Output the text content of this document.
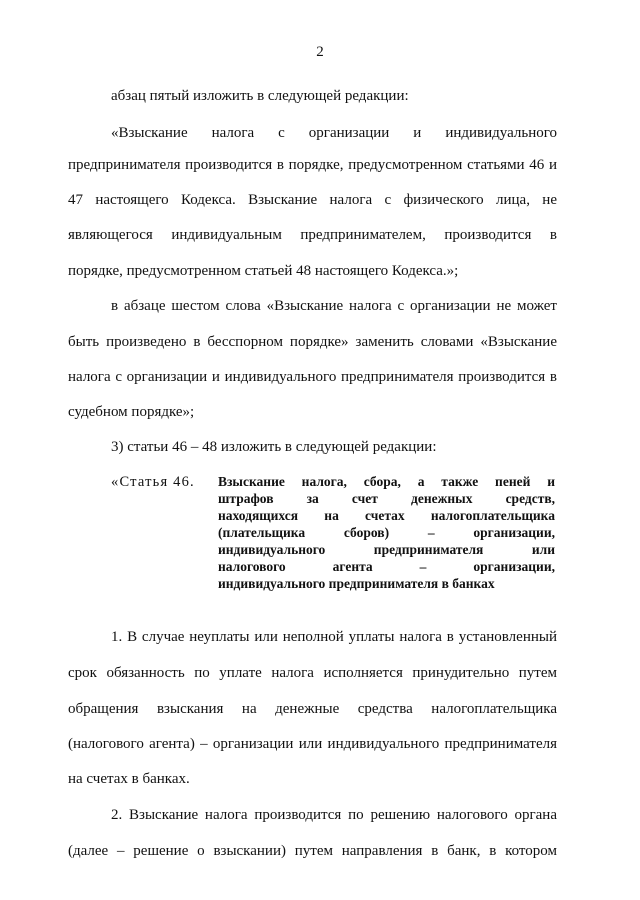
2
абзац пятый изложить в следующей редакции:
«Взыскание налога с организации и индивидуального
предпринимателя производится в порядке, предусмотренном статьями 46 и
47 настоящего Кодекса. Взыскание налога с физического лица, не
являющегося индивидуальным предпринимателем, производится в
порядке, предусмотренном статьей 48 настоящего Кодекса.»;
в абзаце шестом слова «Взыскание налога с организации не может
быть произведено в бесспорном порядке» заменить словами «Взыскание
налога с организации и индивидуального предпринимателя производится в
судебном порядке»;
3) статьи 46 – 48 изложить в следующей редакции:
«Статья 46. Взыскание налога, сбора, а также пеней и
штрафов за счет денежных средств,
находящихся на счетах налогоплательщика
(плательщика сборов) – организации,
индивидуального предпринимателя или
налогового агента – организации,
индивидуального предпринимателя в банках
1. В случае неуплаты или неполной уплаты налога в установленный
срок обязанность по уплате налога исполняется принудительно путем
обращения взыскания на денежные средства налогоплательщика
(налогового агента) – организации или индивидуального предпринимателя
на счетах в банках.
2. Взыскание налога производится по решению налогового органа
(далее – решение о взыскании) путем направления в банк, в котором
